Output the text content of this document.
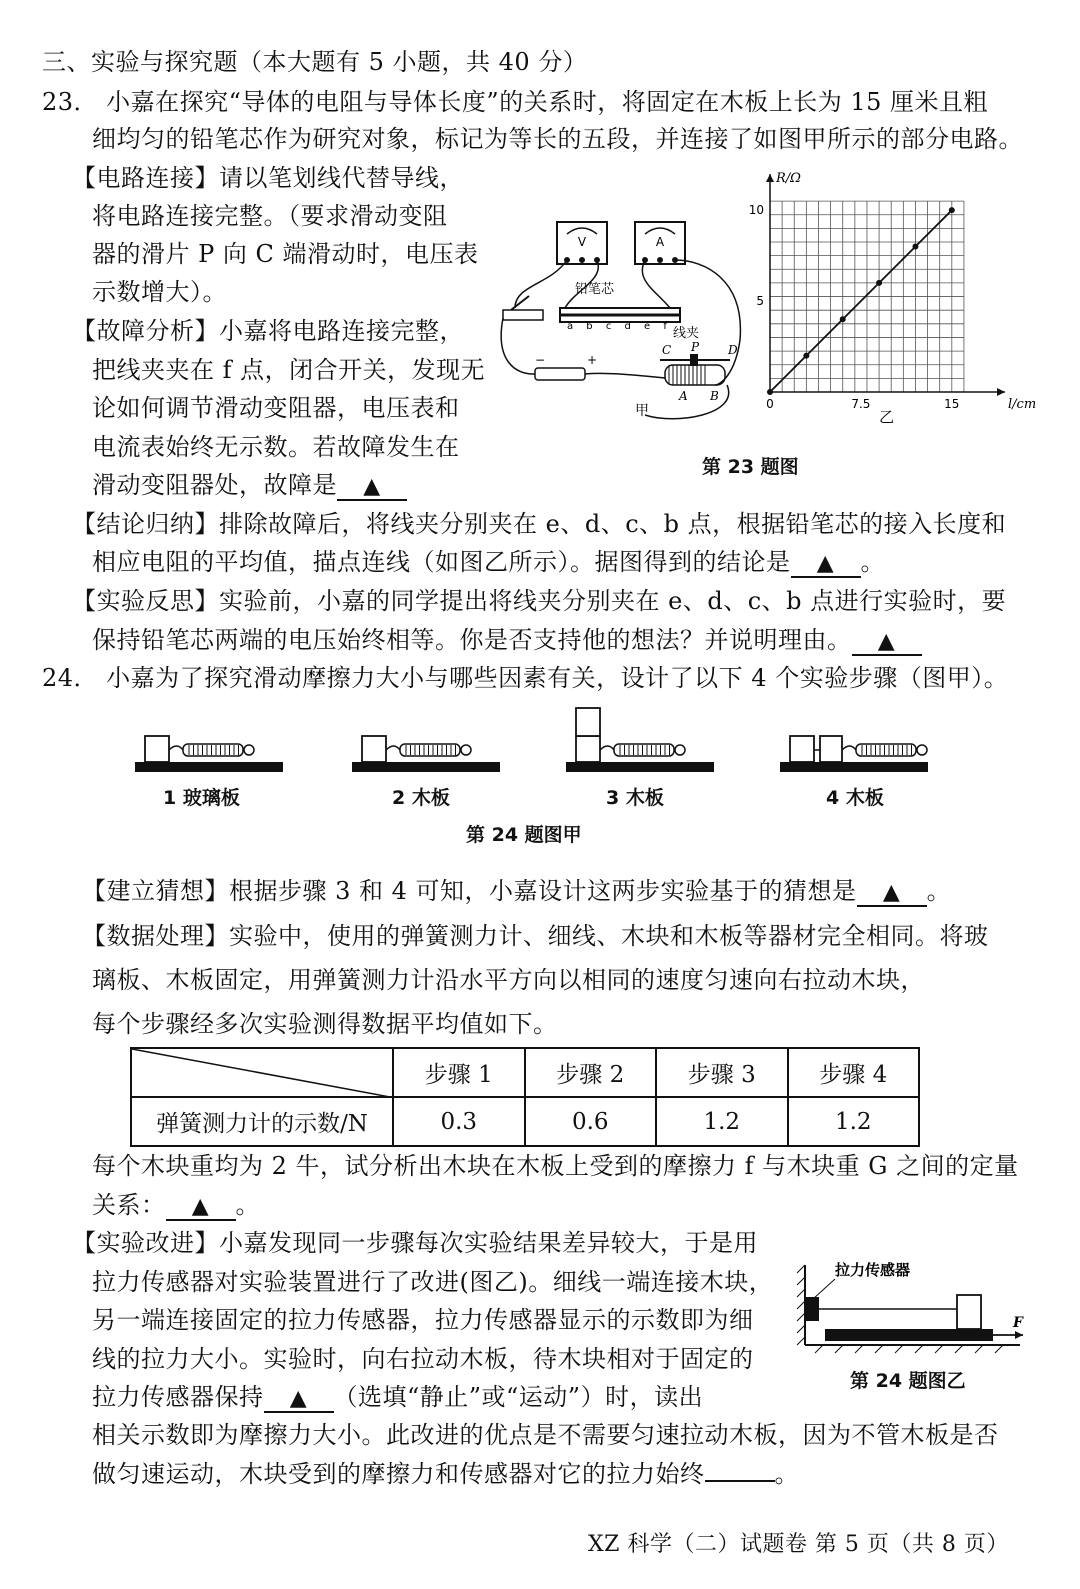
三、实验与探究题（本大题有 5 小题，共 40 分）
23． 小嘉在探究“导体的电阻与导体长度”的关系时，将固定在木板上长为 15 厘米且粗
细均匀的铅笔芯作为研究对象，标记为等长的五段，并连接了如图甲所示的部分电路。
【电路连接】请以笔划线代替导线，
将电路连接完整。（要求滑动变阻
器的滑片 P 向 C 端滑动时，电压表
示数增大）。
【故障分析】小嘉将电路连接完整，
把线夹夹在 f 点，闭合开关，发现无
论如何调节滑动变阻器，电压表和
电流表始终无示数。若故障发生在
滑动变阻器处，故障是 ▲
【结论归纳】排除故障后，将线夹分别夹在 e、d、c、b 点，根据铅笔芯的接入长度和
相应电阻的平均值，描点连线（如图乙所示）。据图得到的结论是 ▲ 。
【实验反思】实验前，小嘉的同学提出将线夹分别夹在 e、d、c、b 点进行实验时，要
保持铅笔芯两端的电压始终相等。你是否支持他的想法？并说明理由。 ▲
V	A
铅笔芯
a b c d e f 线夹
−	+
C P D
A B
甲	0	7.5	15
5
10
R/Ω
l/cm
乙
第 23 题图
24． 小嘉为了探究滑动摩擦力大小与哪些因素有关，设计了以下 4 个实验步骤（图甲）。
1 玻璃板	2 木板	3 木板	4 木板
第 24 题图甲
【建立猜想】根据步骤 3 和 4 可知，小嘉设计这两步实验基于的猜想是 ▲ 。
【数据处理】实验中，使用的弹簧测力计、细线、木块和木板等器材完全相同。将玻
璃板、木板固定，用弹簧测力计沿水平方向以相同的速度匀速向右拉动木块，
每个步骤经多次实验测得数据平均值如下。
	步骤 1	步骤 2	步骤 3	步骤 4
弹簧测力计的示数/N	0.3	0.6	1.2	1.2
每个木块重均为 2 牛，试分析出木块在木板上受到的摩擦力 f 与木块重 G 之间的定量
关系： ▲ 。
【实验改进】小嘉发现同一步骤每次实验结果差异较大，于是用
拉力传感器对实验装置进行了改进(图乙)。细线一端连接木块，
另一端连接固定的拉力传感器，拉力传感器显示的示数即为细
线的拉力大小。实验时，向右拉动木板，待木块相对于固定的
拉力传感器保持 ▲ （选填“静止”或“运动”）时，读出
相关示数即为摩擦力大小。此改进的优点是不需要匀速拉动木板，因为不管木板是否
做匀速运动，木块受到的摩擦力和传感器对它的拉力始终	。
拉力传感器
F
第 24 题图乙
XZ 科学（二）试题卷 第 5 页（共 8 页）
